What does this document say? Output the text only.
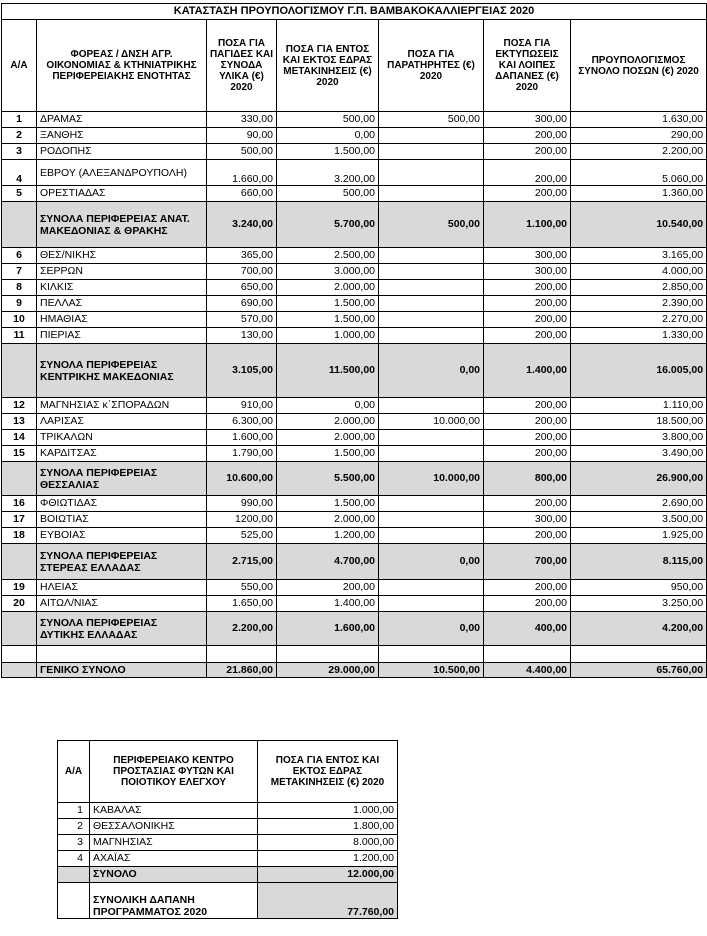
ΚΑΤΑΣΤΑΣΗ ΠΡΟΥΠΟΛΟΓΙΣΜΟΥ Γ.Π. ΒΑΜΒΑΚΟΚΑΛΛΙΕΡΓΕΙΑΣ 2020						
Α/Α	ΦΟΡΕΑΣ / ΔΝΣΗ ΑΓΡ. ΟΙΚΟΝΟΜΙΑΣ & ΚΤΗΝΙΑΤΡΙΚΗΣ ΠΕΡΙΦΕΡΕΙΑΚΗΣ ΕΝΟΤΗΤΑΣ	ΠΟΣΑ ΓΙΑ ΠΑΓΙΔΕΣ ΚΑΙ ΣΥΝΟΔΑ ΥΛΙΚΑ (€) 2020	ΠΟΣΑ ΓΙΑ ΕΝΤΟΣ ΚΑΙ ΕΚΤΟΣ ΕΔΡΑΣ ΜΕΤΑΚΙΝΗΣΕΙΣ (€) 2020	ΠΟΣΑ ΓΙΑ ΠΑΡΑΤΗΡΗΤΕΣ (€) 2020	ΠΟΣΑ ΓΙΑ ΕΚΤΥΠΩΣΕΙΣ ΚΑΙ ΛΟΙΠΕΣ ΔΑΠΑΝΕΣ (€) 2020	ΠΡΟΥΠΟΛΟΓΙΣΜΟΣ ΣΥΝΟΛΟ ΠΟΣΩΝ (€) 2020
1	ΔΡΑΜΑΣ	330,00	500,00	500,00	300,00	1.630,00
2	ΞΑΝΘΗΣ	90,00	0,00		200,00	290,00
3	ΡΟΔΟΠΗΣ	500,00	1.500,00		200,00	2.200,00
4	ΕΒΡΟΥ (ΑΛΕΞΑΝΔΡΟΥΠΟΛΗ)	1.660,00	3.200,00		200,00	5.060,00
5	ΟΡΕΣΤΙΑΔΑΣ	660,00	500,00		200,00	1.360,00
	ΣΥΝΟΛΑ ΠΕΡΙΦΕΡΕΙΑΣ ΑΝΑΤ. ΜΑΚΕΔΟΝΙΑΣ & ΘΡΑΚΗΣ	3.240,00	5.700,00	500,00	1.100,00	10.540,00
6	ΘΕΣ/ΝΙΚΗΣ	365,00	2.500,00		300,00	3.165,00
7	ΣΕΡΡΩΝ	700,00	3.000,00		300,00	4.000,00
8	ΚΙΛΚΙΣ	650,00	2.000,00		200,00	2.850,00
9	ΠΕΛΛΑΣ	690,00	1.500,00		200,00	2.390,00
10	ΗΜΑΘΙΑΣ	570,00	1.500,00		200,00	2.270,00
11	ΠΙΕΡΙΑΣ	130,00	1.000,00		200,00	1.330,00
	ΣΥΝΟΛΑ ΠΕΡΙΦΕΡΕΙΑΣ ΚΕΝΤΡΙΚΗΣ ΜΑΚΕΔΟΝΙΑΣ	3.105,00	11.500,00	0,00	1.400,00	16.005,00
12	ΜΑΓΝΗΣΙΑΣ κ΄ΣΠΟΡΑΔΩΝ	910,00	0,00		200,00	1.110,00
13	ΛΑΡΙΣΑΣ	6.300,00	2.000,00	10.000,00	200,00	18.500,00
14	ΤΡΙΚΑΛΩΝ	1.600,00	2.000,00		200,00	3.800,00
15	ΚΑΡΔΙΤΣΑΣ	1.790,00	1.500,00		200,00	3.490,00
	ΣΥΝΟΛΑ ΠΕΡΙΦΕΡΕΙΑΣ ΘΕΣΣΑΛΙΑΣ	10.600,00	5.500,00	10.000,00	800,00	26.900,00
16	ΦΘΙΩΤΙΔΑΣ	990,00	1.500,00		200,00	2.690,00
17	ΒΟΙΩΤΙΑΣ	1200,00	2.000,00		300,00	3.500,00
18	ΕΥΒΟΙΑΣ	525,00	1.200,00		200,00	1.925,00
	ΣΥΝΟΛΑ ΠΕΡΙΦΕΡΕΙΑΣ ΣΤΕΡΕΑΣ ΕΛΛΑΔΑΣ	2.715,00	4.700,00	0,00	700,00	8.115,00
19	ΗΛΕΙΑΣ	550,00	200,00		200,00	950,00
20	ΑΙΤΩΛ/ΝΙΑΣ	1.650,00	1.400,00		200,00	3.250,00
	ΣΥΝΟΛΑ ΠΕΡΙΦΕΡΕΙΑΣ ΔΥΤΙΚΗΣ ΕΛΛΑΔΑΣ	2.200,00	1.600,00	0,00	400,00	4.200,00

	ΓΕΝΙΚΟ ΣΥΝΟΛΟ	21.860,00	29.000,00	10.500,00	4.400,00	65.760,00
Α/Α	ΠΕΡΙΦΕΡΕΙΑΚΟ ΚΕΝΤΡΟ ΠΡΟΣΤΑΣΙΑΣ ΦΥΤΩΝ ΚΑΙ ΠΟΙΟΤΙΚΟΥ ΕΛΕΓΧΟΥ	ΠΟΣΑ ΓΙΑ ΕΝΤΟΣ ΚΑΙ ΕΚΤΟΣ ΕΔΡΑΣ ΜΕΤΑΚΙΝΗΣΕΙΣ (€) 2020
1	ΚΑΒΑΛΑΣ	1.000,00
2	ΘΕΣΣΑΛΟΝΙΚΗΣ	1.800,00
3	ΜΑΓΝΗΣΙΑΣ	8.000,00
4	ΑΧΑΪΑΣ	1.200,00
	ΣΥΝΟΛΟ	12.000,00
	ΣΥΝΟΛΙΚΗ ΔΑΠΑΝΗ ΠΡΟΓΡΑΜΜΑΤΟΣ 2020	77.760,00
